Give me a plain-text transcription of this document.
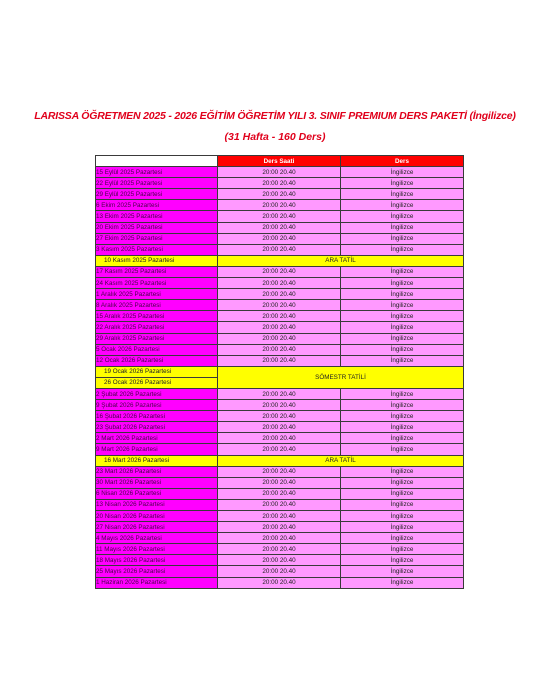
LARISSA ÖĞRETMEN 2025 - 2026 EĞİTİM ÖĞRETİM YILI 3. SINIF PREMIUM DERS PAKETİ (İngilizce)
(31 Hafta - 160 Ders)
	Ders Saati	Ders
15 Eylül 2025 Pazartesi	20:00 20.40	İngilizce
22 Eylül 2025 Pazartesi	20:00 20.40	İngilizce
29 Eylül 2025 Pazartesi	20:00 20.40	İngilizce
6 Ekim 2025 Pazartesi	20:00 20.40	İngilizce
13 Ekim 2025 Pazartesi	20:00 20.40	İngilizce
20 Ekim 2025 Pazartesi	20:00 20.40	İngilizce
27 Ekim 2025 Pazartesi	20:00 20.40	İngilizce
3 Kasım 2025 Pazartesi	20:00 20.40	İngilizce
10 Kasım 2025 Pazartesi	ARA TATİL	
17 Kasım 2025 Pazartesi	20:00 20.40	İngilizce
24 Kasım 2025 Pazartesi	20:00 20.40	İngilizce
1 Aralık 2025 Pazartesi	20:00 20.40	İngilizce
8 Aralık 2025 Pazartesi	20:00 20.40	İngilizce
15 Aralık 2025 Pazartesi	20:00 20.40	İngilizce
22 Aralık 2025 Pazartesi	20:00 20.40	İngilizce
29 Aralık 2025 Pazartesi	20:00 20.40	İngilizce
5 Ocak 2026 Pazartesi	20:00 20.40	İngilizce
12 Ocak 2026 Pazartesi	20:00 20.40	İngilizce
19 Ocak 2026 Pazartesi	SÖMESTR TATİLİ	
26 Ocak 2026 Pazartesi		
2 Şubat 2026 Pazartesi	20:00 20.40	İngilizce
9 Şubat 2026 Pazartesi	20:00 20.40	İngilizce
16 Şubat 2026 Pazartesi	20:00 20.40	İngilizce
23 Şubat 2026 Pazartesi	20:00 20.40	İngilizce
2 Mart 2026 Pazartesi	20:00 20.40	İngilizce
9 Mart 2026 Pazartesi	20:00 20.40	İngilizce
16 Mart 2026 Pazartesi	ARA TATİL	
23 Mart 2026 Pazartesi	20:00 20.40	İngilizce
30 Mart 2026 Pazartesi	20:00 20.40	İngilizce
6 Nisan 2026 Pazartesi	20:00 20.40	İngilizce
13 Nisan 2026 Pazartesi	20:00 20.40	İngilizce
20 Nisan 2026 Pazartesi	20:00 20.40	İngilizce
27 Nisan 2026 Pazartesi	20:00 20.40	İngilizce
4 Mayıs 2026 Pazartesi	20:00 20.40	İngilizce
11 Mayıs 2026 Pazartesi	20:00 20.40	İngilizce
18 Mayıs 2026 Pazartesi	20:00 20.40	İngilizce
25 Mayıs 2026 Pazartesi	20:00 20.40	İngilizce
1 Haziran 2026 Pazartesi	20:00 20.40	İngilizce
